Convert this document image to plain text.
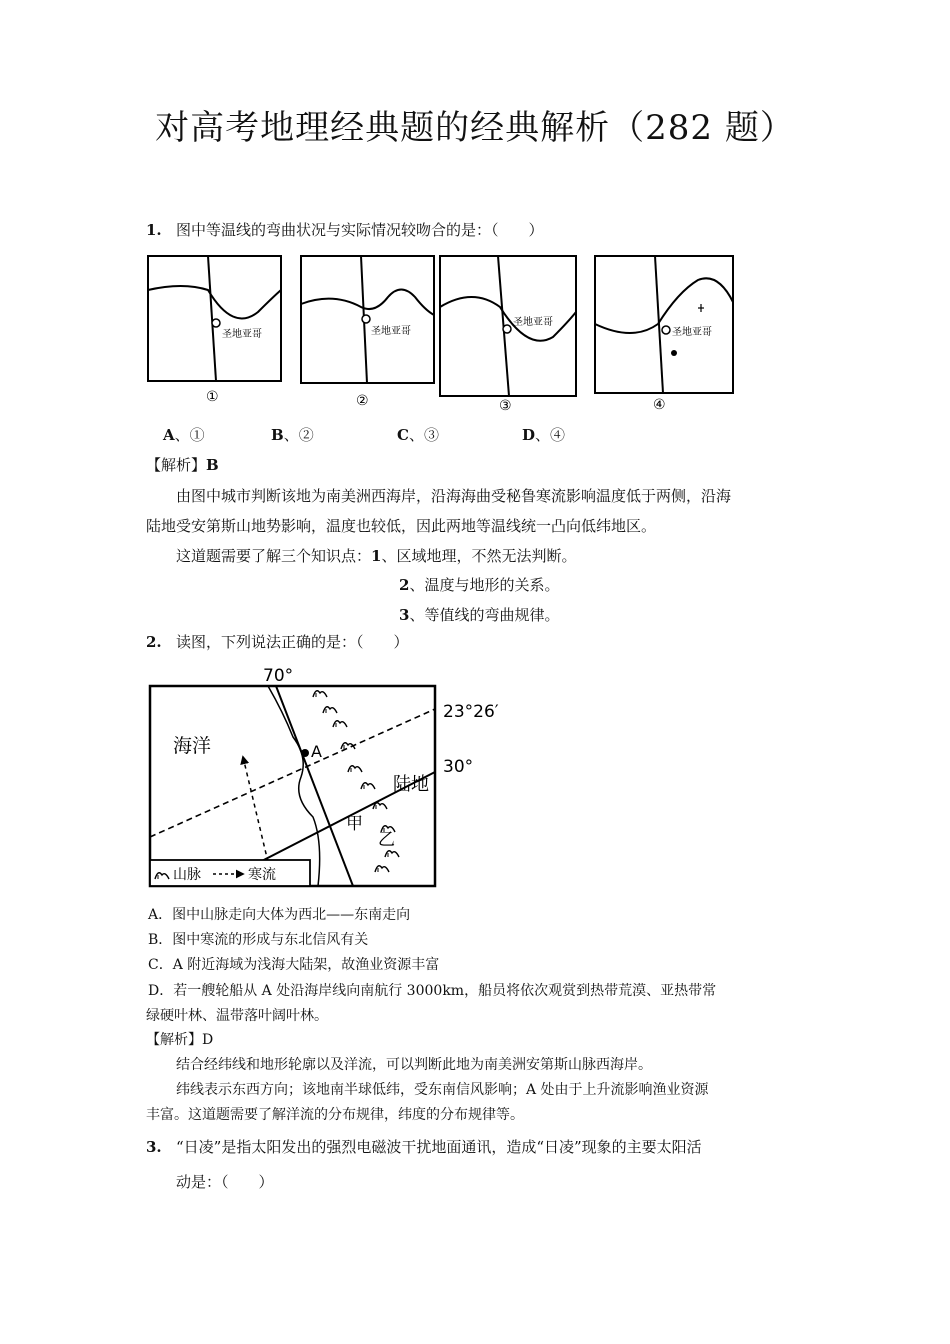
对高考地理经典题的经典解析（282 题）
1. 图中等温线的弯曲状况与实际情况较吻合的是：（　　）
圣地亚哥
①
圣地亚哥
②
圣地亚哥
③
圣地亚哥
④
A、①	B、②	C、③	D、④
【解析】B
由图中城市判断该地为南美洲西海岸，沿海海曲受秘鲁寒流影响温度低于两侧，沿海
陆地受安第斯山地势影响，温度也较低，因此两地等温线统一凸向低纬地区。
这道题需要了解三个知识点：1、区域地理，不然无法判断。
2、温度与地形的关系。
3、等值线的弯曲规律。
2. 读图，下列说法正确的是：（　　）
70°
23°26′
30°
海洋
陆地
A
甲
乙
山脉	寒流
A．图中山脉走向大体为西北——东南走向
B．图中寒流的形成与东北信风有关
C．A 附近海域为浅海大陆架，故渔业资源丰富
D．若一艘轮船从 A 处沿海岸线向南航行 3000km，船员将依次观赏到热带荒漠、亚热带常
绿硬叶林、温带落叶阔叶林。
【解析】D
结合经纬线和地形轮廓以及洋流，可以判断此地为南美洲安第斯山脉西海岸。
纬线表示东西方向；该地南半球低纬，受东南信风影响；A 处由于上升流影响渔业资源
丰富。这道题需要了解洋流的分布规律，纬度的分布规律等。
3. “日凌”是指太阳发出的强烈电磁波干扰地面通讯，造成“日凌”现象的主要太阳活
动是：（　　）
